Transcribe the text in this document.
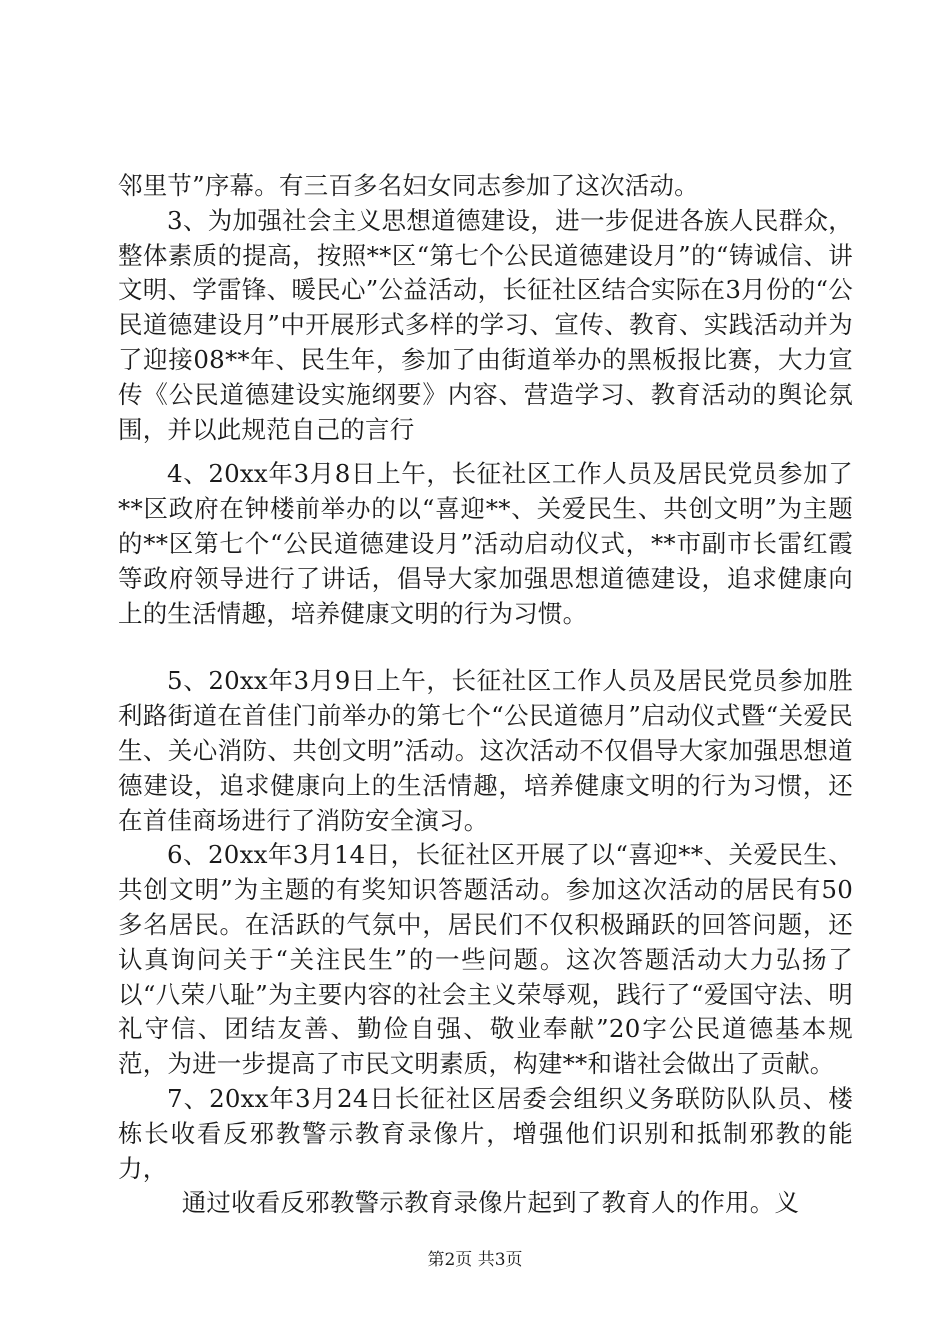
邻里节”序幕。有三百多名妇女同志参加了这次活动。

3、为加强社会主义思想道德建设，进一步促进各族人民群众，整体素质的提高，按照**区“第七个公民道德建设月”的“铸诚信、讲文明、学雷锋、暖民心”公益活动，长征社区结合实际在3月份的“公民道德建设月”中开展形式多样的学习、宣传、教育、实践活动并为了迎接08**年、民生年，参加了由街道举办的黑板报比赛，大力宣传《公民道德建设实施纲要》内容、营造学习、教育活动的舆论氛围，并以此规范自己的言行

4、20xx年3月8日上午，长征社区工作人员及居民党员参加了**区政府在钟楼前举办的以“喜迎**、关爱民生、共创文明”为主题的**区第七个“公民道德建设月”活动启动仪式，**市副市长雷红霞等政府领导进行了讲话，倡导大家加强思想道德建设，追求健康向上的生活情趣，培养健康文明的行为习惯。

5、20xx年3月9日上午，长征社区工作人员及居民党员参加胜利路街道在首佳门前举办的第七个“公民道德月”启动仪式暨“关爱民生、关心消防、共创文明”活动。这次活动不仅倡导大家加强思想道德建设，追求健康向上的生活情趣，培养健康文明的行为习惯，还在首佳商场进行了消防安全演习。

6、20xx年3月14日，长征社区开展了以“喜迎**、关爱民生、共创文明”为主题的有奖知识答题活动。参加这次活动的居民有50多名居民。在活跃的气氛中，居民们不仅积极踊跃的回答问题，还认真询问关于“关注民生”的一些问题。这次答题活动大力弘扬了以“八荣八耻”为主要内容的社会主义荣辱观，践行了“爱国守法、明礼守信、团结友善、勤俭自强、敬业奉献”20字公民道德基本规范，为进一步提高了市民文明素质，构建**和谐社会做出了贡献。

7、20xx年3月24日长征社区居委会组织义务联防队队员、楼栋长收看反邪教警示教育录像片，增强他们识别和抵制邪教的能力，

通过收看反邪教警示教育录像片起到了教育人的作用。义

第2页 共3页
